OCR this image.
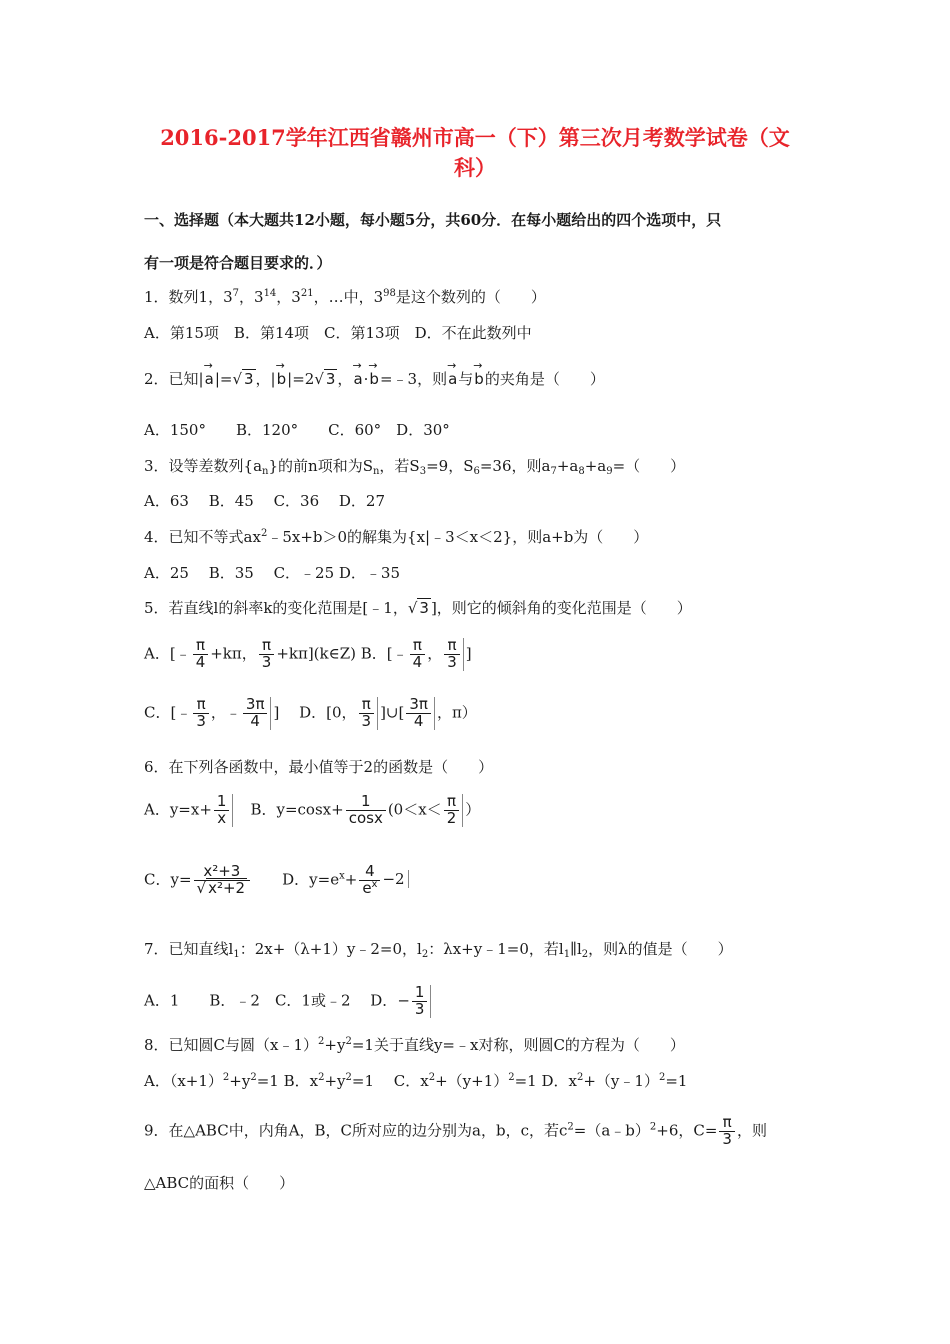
2016-2017学年江西省赣州市高一（下）第三次月考数学试卷（文
科）
一、选择题（本大题共12小题，每小题5分，共60分．在每小题给出的四个选项中，只
有一项是符合题目要求的．）
1．数列1，$3^7$，$3^{14}$，$3^{21}$，…中，$3^{98}$是这个数列的（　　）
A．第15项　B．第14项　C．第13项　D．不在此数列中
2．已知|→ a|=√ 3 ，|→ b|=2√ 3 ，→ a·→ b=﹣3，则→ a与→ b的夹角是（　　）
A．150°　　B．120°　　C．60°　D．30°
3．设等差数列$\{a_n\}$的前n项和为$S_n$，若$S_3=9$，$S_6=36$，则$a_7+a_8+a_9=$（　　）
A．63　 B．45　 C．36　 D．27
4．已知不等式$ax^2﹣5x+b>0$的解集为{x|﹣3＜x＜2}，则a+b为（　　）
A．25　 B．35　 C．﹣25 D．﹣35
5．若直线l的斜率k的变化范围是[﹣1，√ 3 ]，则它的倾斜角的变化范围是（　　）
A．[﹣ $\frac{\pi}{4} +k\pi$， $\frac{\pi}{3}$ +kπ](k∈Z) B．[﹣ $\frac{\pi}{4}$ ， $\frac{\pi}{3}$ ]
C．[﹣ $\frac{\pi}{3}$ ，﹣ $\frac{3\pi}{4}$ ]　 D．[0， $\frac{\pi}{3}$ ]∪[ $\frac{3\pi}{4}$ ，π）
6．在下列各函数中，最小值等于2的函数是（　　）
A．$y=x+ \frac{1}{x}$
　 B．$y=\cos x+ \frac{1}{\cos x} (0<x< \frac{\pi}{2}$ ）
C．$y= \frac{\text{x²+3}}{\text{√ x²+2}}$
　　 D．$y=e^x+ \frac{4}{e^x} -2$
7．已知直线$l_1$：2x+（λ+1）y﹣2=0，$l_2$：λx+y﹣1=0，若$l_1\parallel l_2$，则λ的值是（　　）
A．1　　B．﹣2　C．1或﹣2　 D．− $\frac{1}{3}$
8．已知圆C与圆$(x﹣1)^2+y^2=1$关于直线y=﹣x对称，则圆C的方程为（　　）
A．$(x+1)^2+y^2=1$ B．$x^2+y^2=1$　 C．$x^2+(y+1)^2=1$ D．$x^2+(y﹣1)^2=1$
9．在△ABC中，内角A，B，C所对应的边分别为a，b，c，若$c^2=(a﹣b)^2+6$，$C= \frac{\pi}{3}$ ，则
△ABC的面积（　　）
